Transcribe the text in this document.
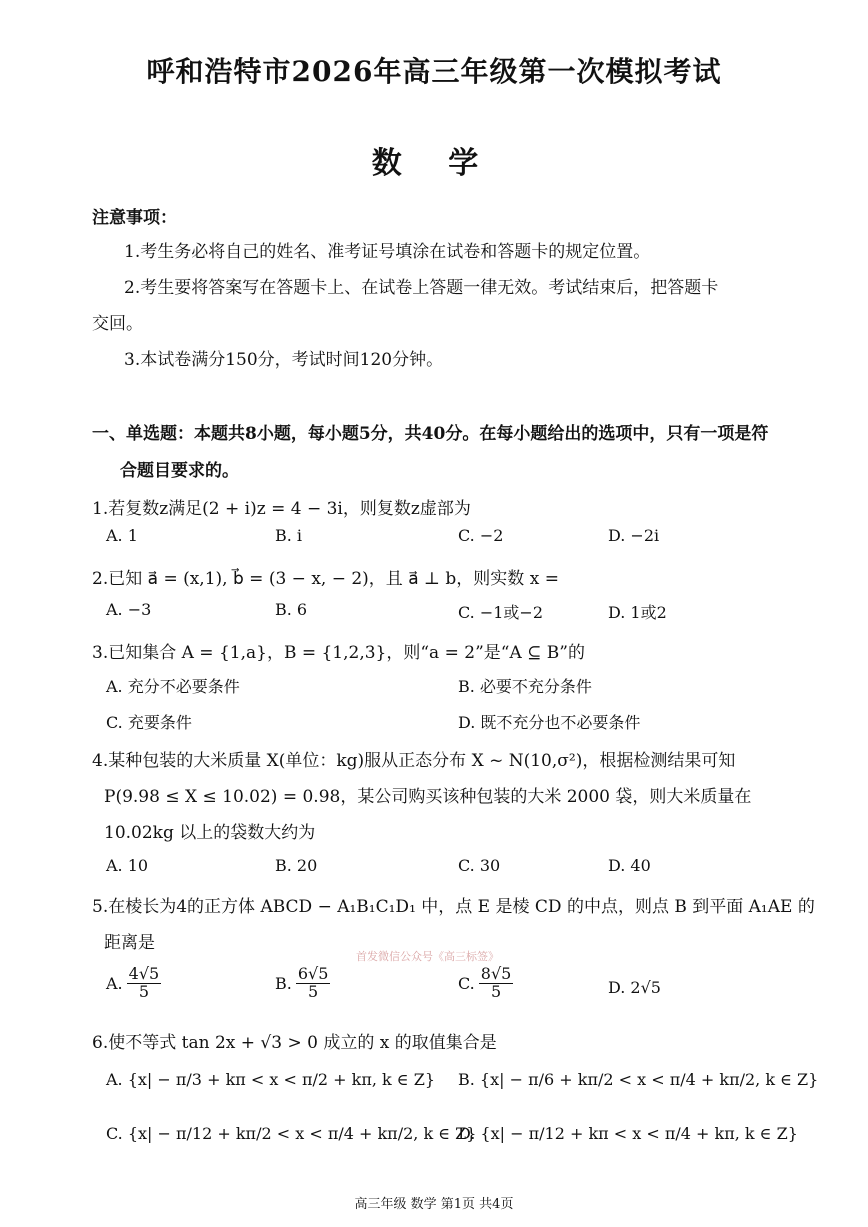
呼和浩特市2026年高三年级第一次模拟考试
数 学
注意事项：
1.考生务必将自己的姓名、准考证号填涂在试卷和答题卡的规定位置。
2.考生要将答案写在答题卡上、在试卷上答题一律无效。考试结束后，把答题卡
交回。
3.本试卷满分150分，考试时间120分钟。
一、单选题：本题共8小题，每小题5分，共40分。在每小题给出的选项中，只有一项是符
合题目要求的。
1.若复数z满足(2 + i)z = 4 − 3i，则复数z虚部为
A. 1	B. i	C. −2	D. −2i
2.已知 a⃗ = (x,1), b⃗ = (3 − x, − 2)，且 a⃗ ⊥ b，则实数 x =
A. −3	B. 6	C. −1或−2	D. 1或2
3.已知集合 A = {1,a}，B = {1,2,3}，则“a = 2”是“A ⊆ B”的
A. 充分不必要条件	B. 必要不充分条件
C. 充要条件	D. 既不充分也不必要条件
4.某种包装的大米质量 X(单位：kg)服从正态分布 X ~ N(10,σ²)，根据检测结果可知
P(9.98 ≤ X ≤ 10.02) = 0.98，某公司购买该种包装的大米 2000 袋，则大米质量在
10.02kg 以上的袋数大约为
A. 10	B. 20	C. 30	D. 40
5.在棱长为4的正方体 ABCD − A₁B₁C₁D₁ 中，点 E 是棱 CD 的中点，则点 B 到平面 A₁AE 的
距离是
首发微信公众号《高三标签》
A. $\frac{4√5}{5}$	B. $\frac{6√5}{5}$	C. $\frac{8√5}{5}$	D. 2√5
6.使不等式 tan 2x + √3 > 0 成立的 x 的取值集合是
A. {x| − π/3 + kπ < x < π/2 + kπ, k ∈ Z} B. {x| − π/6 + kπ/2 < x < π/4 + kπ/2, k ∈ Z}
C. {x| − π/12 + kπ/2 < x < π/4 + kπ/2, k ∈ Z}
D. {x| − π/12 + kπ < x < π/4 + kπ, k ∈ Z}
高三年级 数学 第1页 共4页
